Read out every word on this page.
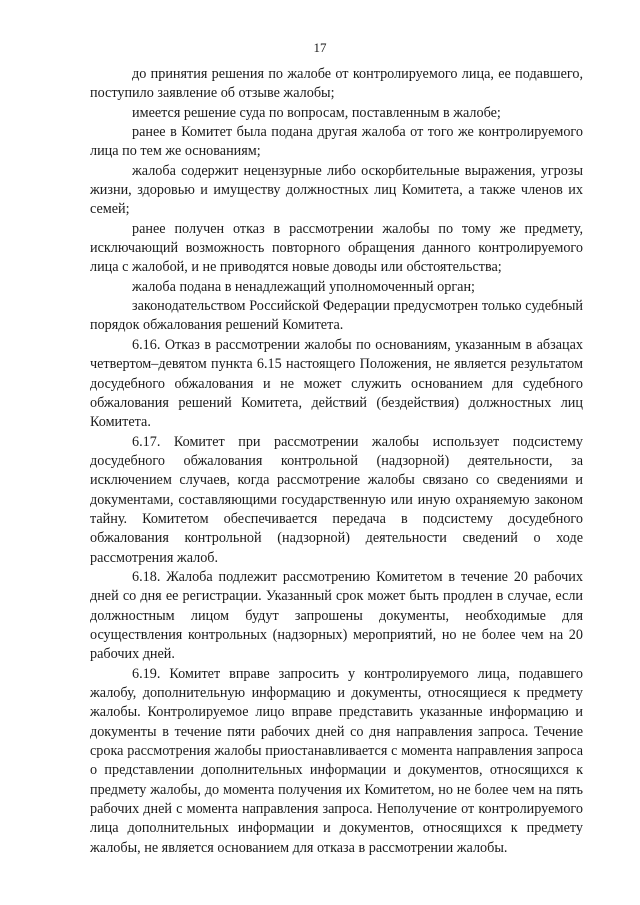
17

до принятия решения по жалобе от контролируемого лица, ее подавшего, поступило заявление об отзыве жалобы;

имеется решение суда по вопросам, поставленным в жалобе;

ранее в Комитет была подана другая жалоба от того же контролируемого лица по тем же основаниям;

жалоба содержит нецензурные либо оскорбительные выражения, угрозы жизни, здоровью и имуществу должностных лиц Комитета, а также членов их семей;

ранее получен отказ в рассмотрении жалобы по тому же предмету, исключающий возможность повторного обращения данного контролируемого лица с жалобой, и не приводятся новые доводы или обстоятельства;

жалоба подана в ненадлежащий уполномоченный орган;

законодательством Российской Федерации предусмотрен только судебный порядок обжалования решений Комитета.

6.16. Отказ в рассмотрении жалобы по основаниям, указанным в абзацах четвертом–девятом пункта 6.15 настоящего Положения, не является результатом досудебного обжалования и не может служить основанием для судебного обжалования решений Комитета, действий (бездействия) должностных лиц Комитета.

6.17. Комитет при рассмотрении жалобы использует подсистему досудебного обжалования контрольной (надзорной) деятельности, за исключением случаев, когда рассмотрение жалобы связано со сведениями и документами, составляющими государственную или иную охраняемую законом тайну. Комитетом обеспечивается передача в подсистему досудебного обжалования контрольной (надзорной) деятельности сведений о ходе рассмотрения жалоб.

6.18. Жалоба подлежит рассмотрению Комитетом в течение 20 рабочих дней со дня ее регистрации. Указанный срок может быть продлен в случае, если должностным лицом будут запрошены документы, необходимые для осуществления контрольных (надзорных) мероприятий, но не более чем на 20 рабочих дней.

6.19. Комитет вправе запросить у контролируемого лица, подавшего жалобу, дополнительную информацию и документы, относящиеся к предмету жалобы. Контролируемое лицо вправе представить указанные информацию и документы в течение пяти рабочих дней со дня направления запроса. Течение срока рассмотрения жалобы приостанавливается с момента направления запроса о представлении дополнительных информации и документов, относящихся к предмету жалобы, до момента получения их Комитетом, но не более чем на пять рабочих дней с момента направления запроса. Неполучение от контролируемого лица дополнительных информации и документов, относящихся к предмету жалобы, не является основанием для отказа в рассмотрении жалобы.
